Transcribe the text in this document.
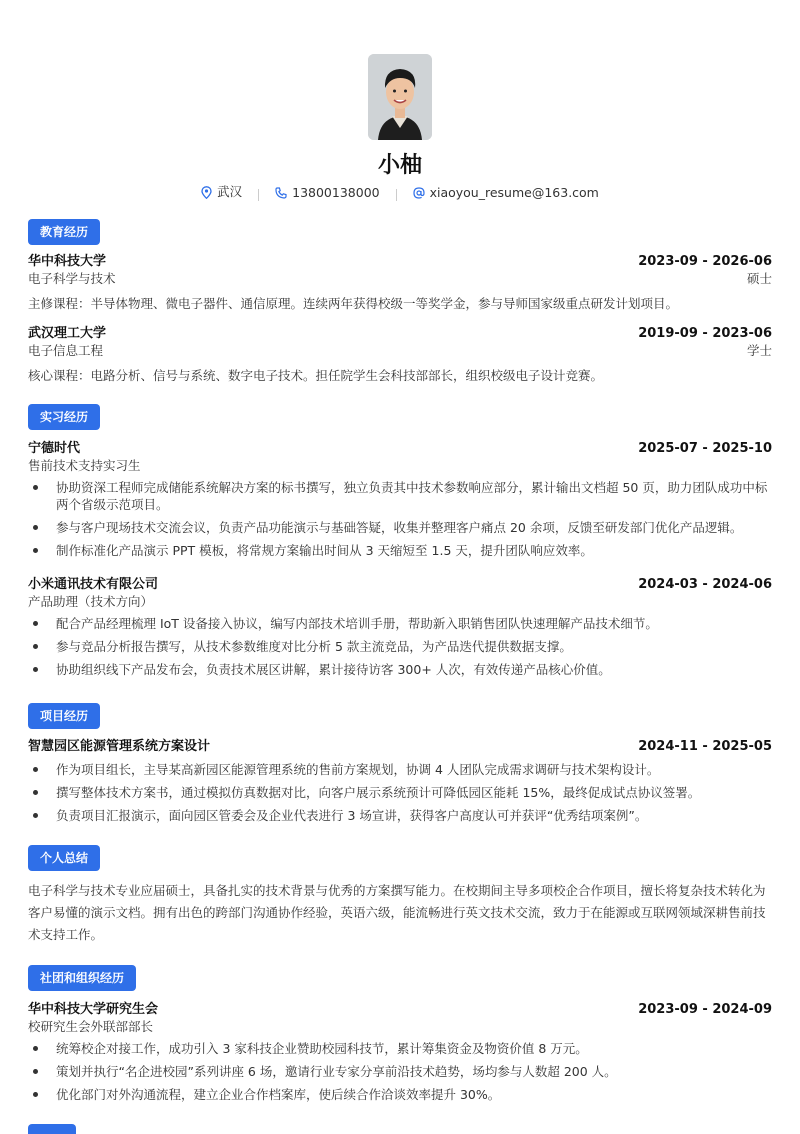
小柚
武汉
	13800138000
	xiaoyou_resume@163.com
教育经历
华中科技大学	2023-09 - 2026-06
电子科学与技术	硕士
主修课程：半导体物理、微电子器件、通信原理。连续两年获得校级一等奖学金，参与导师国家级重点研发计划项目。
武汉理工大学	2019-09 - 2023-06
电子信息工程	学士
核心课程：电路分析、信号与系统、数字电子技术。担任院学生会科技部部长，组织校级电子设计竞赛。
实习经历
宁德时代	2025-07 - 2025-10
售前技术支持实习生
协助资深工程师完成储能系统解决方案的标书撰写，独立负责其中技术参数响应部分，累计输出文档超 50 页，助力团队成功中标两个省级示范项目。
参与客户现场技术交流会议，负责产品功能演示与基础答疑，收集并整理客户痛点 20 余项，反馈至研发部门优化产品逻辑。
制作标准化产品演示 PPT 模板，将常规方案输出时间从 3 天缩短至 1.5 天，提升团队响应效率。
小米通讯技术有限公司	2024-03 - 2024-06
产品助理（技术方向）
配合产品经理梳理 IoT 设备接入协议，编写内部技术培训手册，帮助新入职销售团队快速理解产品技术细节。
参与竞品分析报告撰写，从技术参数维度对比分析 5 款主流竞品，为产品迭代提供数据支撑。
协助组织线下产品发布会，负责技术展区讲解，累计接待访客 300+ 人次，有效传递产品核心价值。
项目经历
智慧园区能源管理系统方案设计	2024-11 - 2025-05
作为项目组长，主导某高新园区能源管理系统的售前方案规划，协调 4 人团队完成需求调研与技术架构设计。
撰写整体技术方案书，通过模拟仿真数据对比，向客户展示系统预计可降低园区能耗 15%，最终促成试点协议签署。
负责项目汇报演示，面向园区管委会及企业代表进行 3 场宣讲，获得客户高度认可并获评“优秀结项案例”。
个人总结
电子科学与技术专业应届硕士，具备扎实的技术背景与优秀的方案撰写能力。在校期间主导多项校企合作项目，擅长将复杂技术转化为客户易懂的演示文档。拥有出色的跨部门沟通协作经验，英语六级，能流畅进行英文技术交流，致力于在能源或互联网领域深耕售前技术支持工作。
社团和组织经历
华中科技大学研究生会	2023-09 - 2024-09
校研究生会外联部部长
统筹校企对接工作，成功引入 3 家科技企业赞助校园科技节，累计筹集资金及物资价值 8 万元。
策划并执行“名企进校园”系列讲座 6 场，邀请行业专家分享前沿技术趋势，场均参与人数超 200 人。
优化部门对外沟通流程，建立企业合作档案库，使后续合作洽谈效率提升 30%。
